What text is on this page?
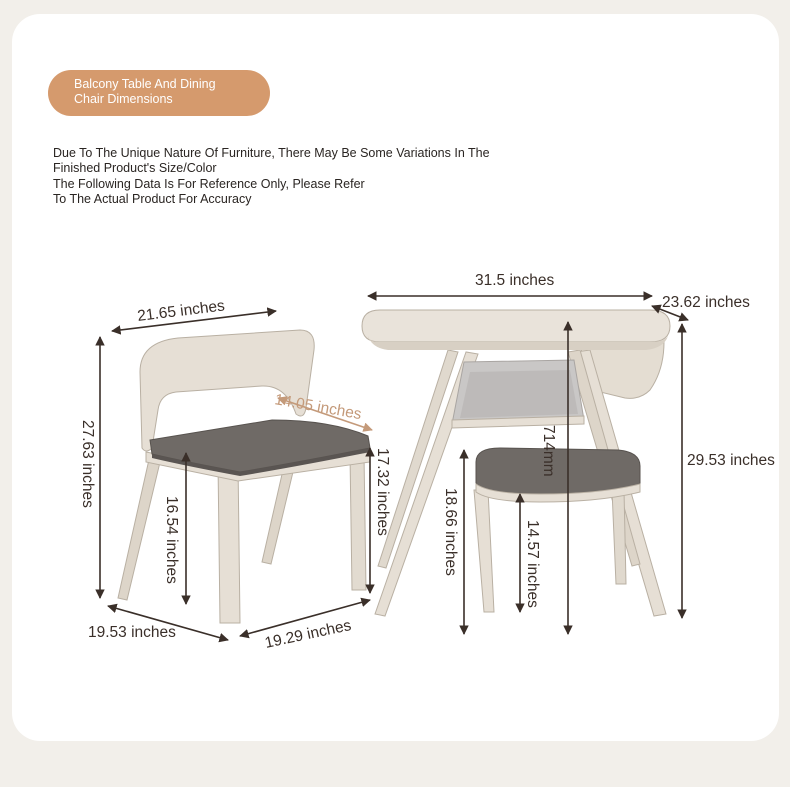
Balcony Table And Dining
Chair Dimensions
Due To The Unique Nature Of Furniture, There May Be Some Variations In The
Finished Product's Size/Color
The Following Data Is For Reference Only, Please Refer
To The Actual Product For Accuracy
21.65 inches
27.63 inches
14.05 inches
16.54 inches
17.32 inches
19.53 inches	19.29 inches
31.5 inches
23.62 inches
29.53 inches
714mm
18.66 inches	14.57 inches
